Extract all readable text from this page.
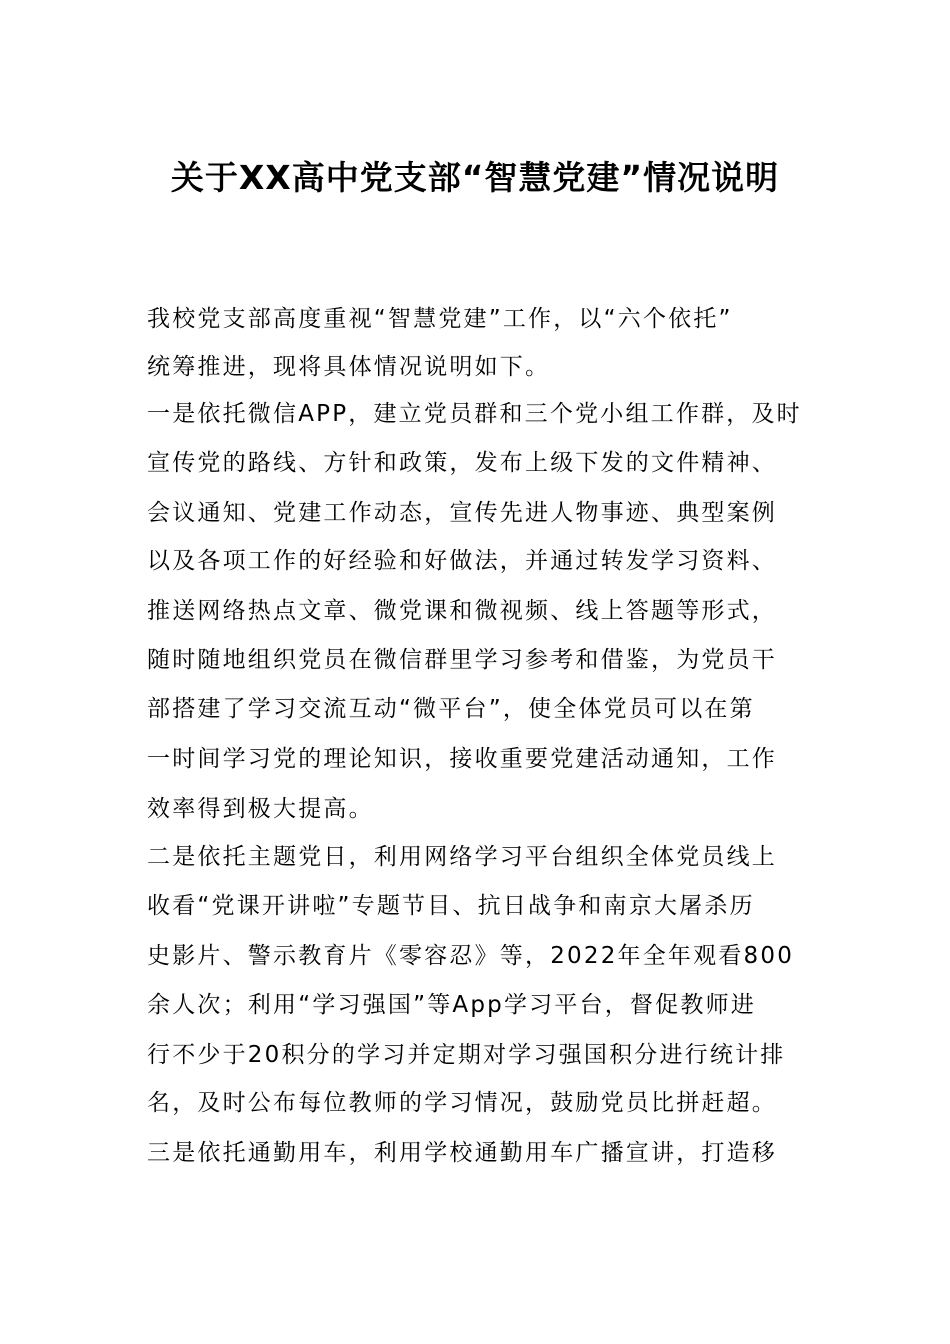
关于XX高中党支部“智慧党建”情况说明
我校党支部高度重视“智慧党建”工作，以“六个依托”
统筹推进，现将具体情况说明如下。
一是依托微信APP，建立党员群和三个党小组工作群，及时
宣传党的路线、方针和政策，发布上级下发的文件精神、
会议通知、党建工作动态，宣传先进人物事迹、典型案例
以及各项工作的好经验和好做法，并通过转发学习资料、
推送网络热点文章、微党课和微视频、线上答题等形式，
随时随地组织党员在微信群里学习参考和借鉴，为党员干
部搭建了学习交流互动“微平台”，使全体党员可以在第
一时间学习党的理论知识，接收重要党建活动通知，工作
效率得到极大提高。
二是依托主题党日，利用网络学习平台组织全体党员线上
收看“党课开讲啦”专题节目、抗日战争和南京大屠杀历
史影片、警示教育片《零容忍》等，2022年全年观看800
余人次；利用“学习强国”等App学习平台，督促教师进
行不少于20积分的学习并定期对学习强国积分进行统计排
名，及时公布每位教师的学习情况，鼓励党员比拼赶超。
三是依托通勤用车，利用学校通勤用车广播宣讲，打造移
